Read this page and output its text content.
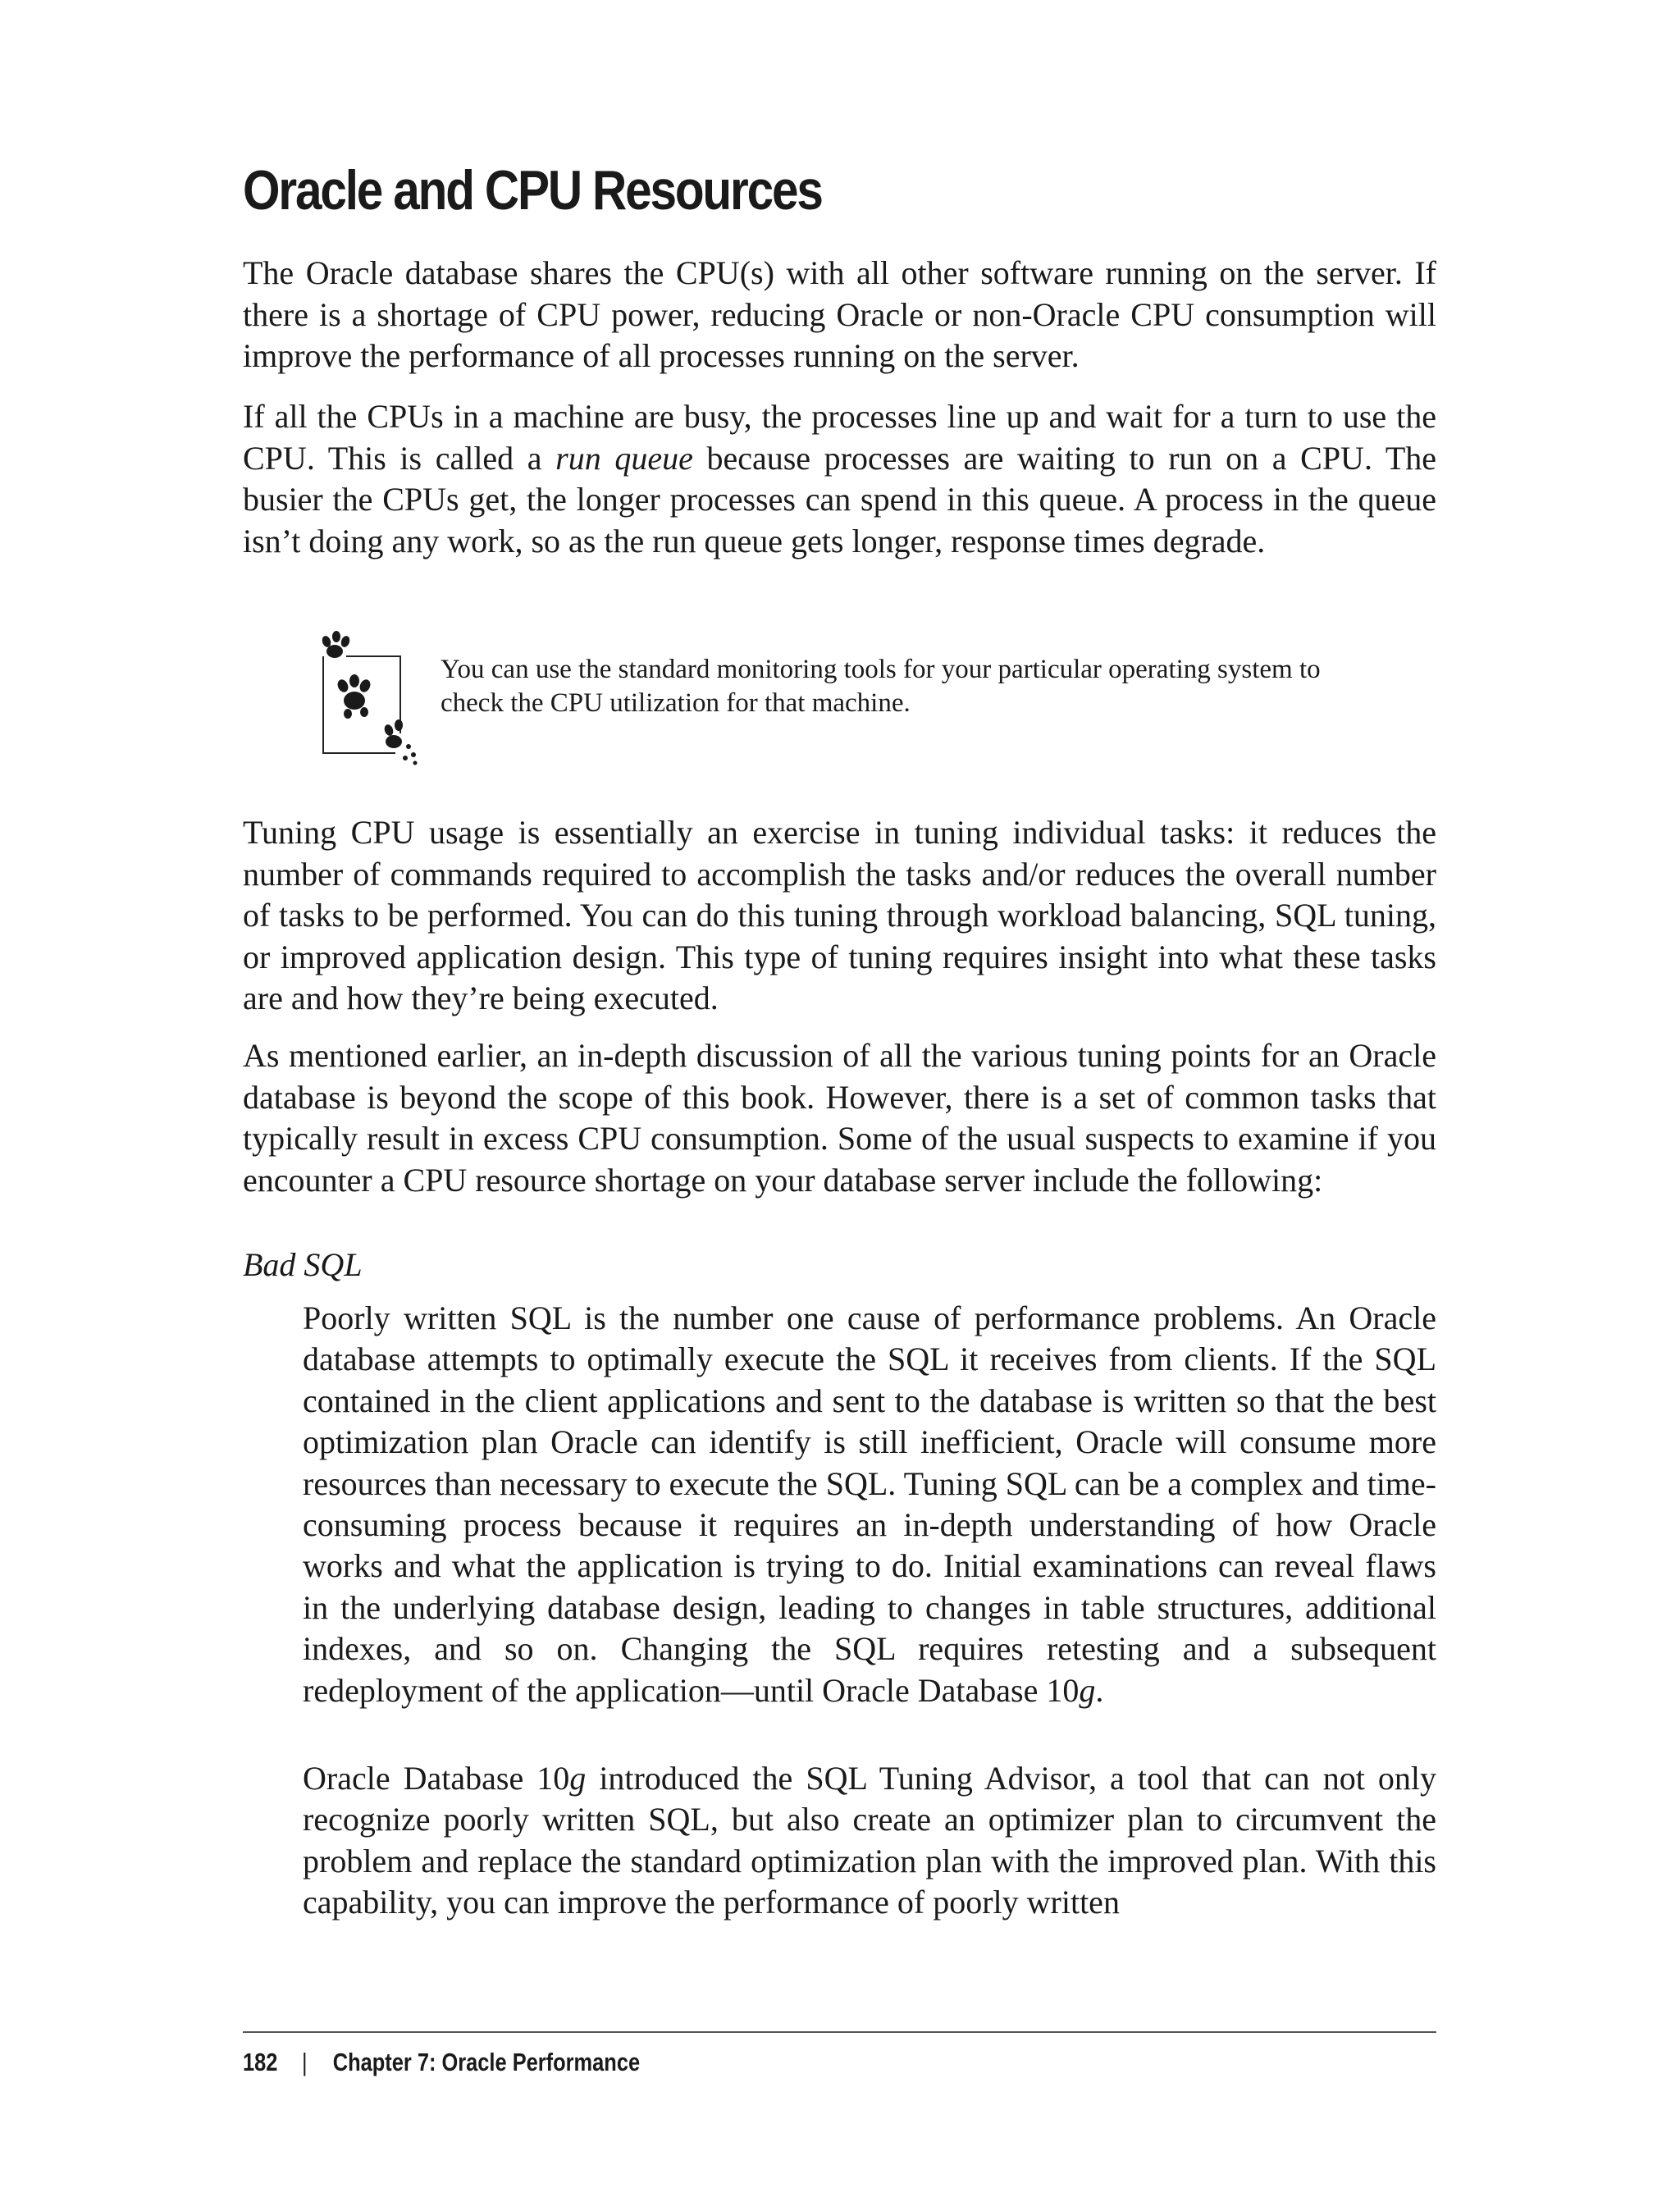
Oracle and CPU Resources

The Oracle database shares the CPU(s) with all other software running on the server. If there is a shortage of CPU power, reducing Oracle or non-Oracle CPU consumption will improve the performance of all processes running on the server.

If all the CPUs in a machine are busy, the processes line up and wait for a turn to use the CPU. This is called a run queue because processes are waiting to run on a CPU. The busier the CPUs get, the longer processes can spend in this queue. A process in the queue isn’t doing any work, so as the run queue gets longer, response times degrade.

You can use the standard monitoring tools for your particular operating system to check the CPU utilization for that machine.

Tuning CPU usage is essentially an exercise in tuning individual tasks: it reduces the number of commands required to accomplish the tasks and/or reduces the overall number of tasks to be performed. You can do this tuning through workload balancing, SQL tuning, or improved application design. This type of tuning requires insight into what these tasks are and how they’re being executed.

As mentioned earlier, an in-depth discussion of all the various tuning points for an Oracle database is beyond the scope of this book. However, there is a set of common tasks that typically result in excess CPU consumption. Some of the usual suspects to examine if you encounter a CPU resource shortage on your database server include the following:

Bad SQL

Poorly written SQL is the number one cause of performance problems. An Oracle database attempts to optimally execute the SQL it receives from clients. If the SQL contained in the client applications and sent to the database is written so that the best optimization plan Oracle can identify is still inefficient, Oracle will consume more resources than necessary to execute the SQL. Tuning SQL can be a complex and time-consuming process because it requires an in-depth understanding of how Oracle works and what the application is trying to do. Initial examinations can reveal flaws in the underlying database design, leading to changes in table structures, additional indexes, and so on. Changing the SQL requires retesting and a subsequent redeployment of the application—until Oracle Database 10g.

Oracle Database 10g introduced the SQL Tuning Advisor, a tool that can not only recognize poorly written SQL, but also create an optimizer plan to circumvent the problem and replace the standard optimization plan with the improved plan. With this capability, you can improve the performance of poorly written

182 | Chapter 7: Oracle Performance
